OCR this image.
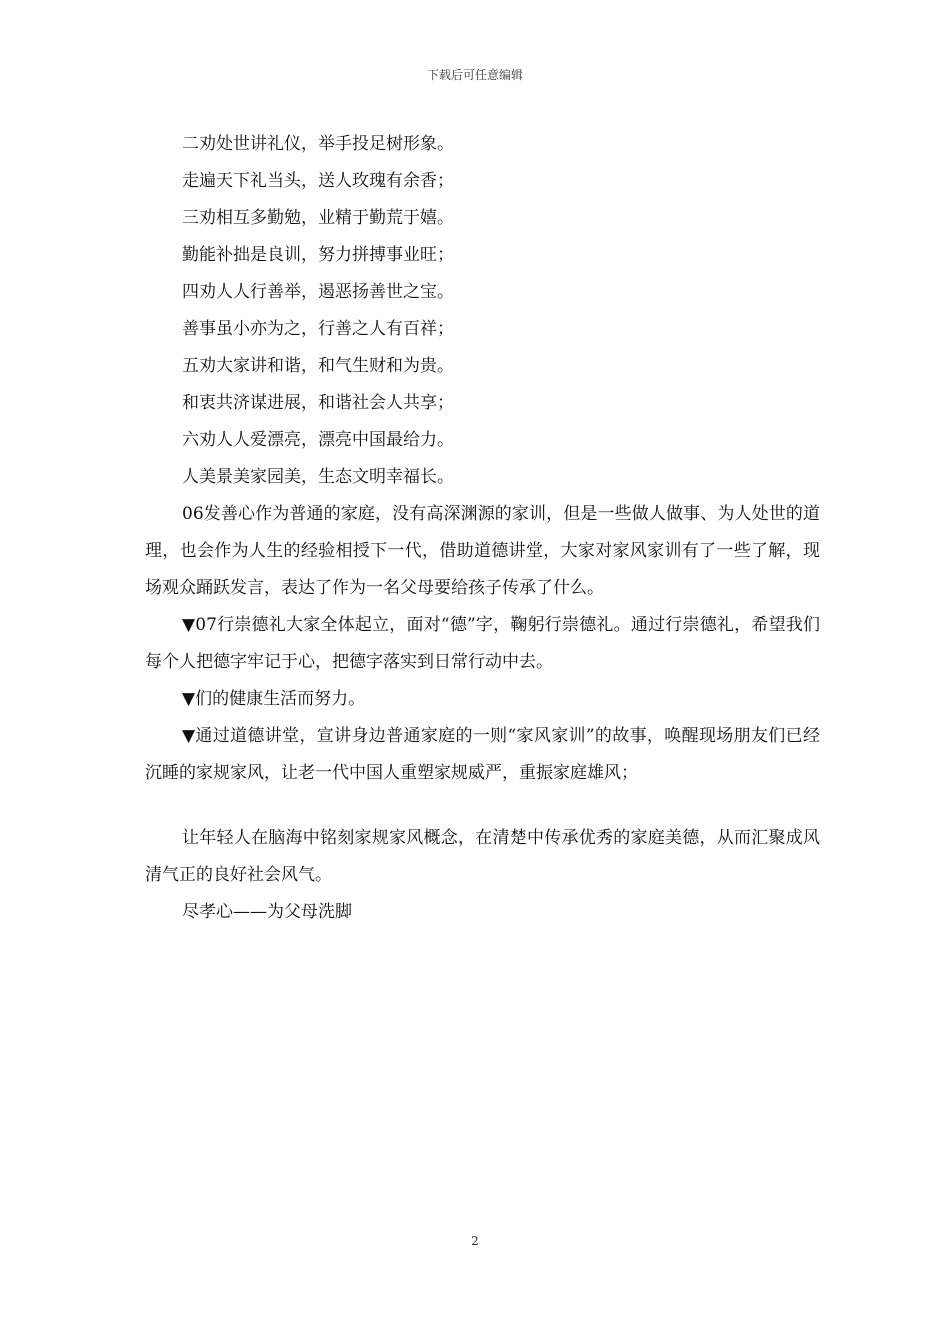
下载后可任意编辑
二劝处世讲礼仪，举手投足树形象。
走遍天下礼当头，送人玫瑰有余香；
三劝相互多勤勉，业精于勤荒于嬉。
勤能补拙是良训，努力拼搏事业旺；
四劝人人行善举，遏恶扬善世之宝。
善事虽小亦为之，行善之人有百祥；
五劝大家讲和谐，和气生财和为贵。
和衷共济谋进展，和谐社会人共享；
六劝人人爱漂亮，漂亮中国最给力。
人美景美家园美，生态文明幸福长。
06发善心作为普通的家庭，没有高深渊源的家训，但是一些做人做事、为人处世的道理，也会作为人生的经验相授下一代，借助道德讲堂，大家对家风家训有了一些了解，现场观众踊跃发言，表达了作为一名父母要给孩子传承了什么。
▼07行崇德礼大家全体起立，面对“德”字，鞠躬行崇德礼。通过行崇德礼，希望我们每个人把德字牢记于心，把德字落实到日常行动中去。
▼们的健康生活而努力。
▼通过道德讲堂，宣讲身边普通家庭的一则“家风家训”的故事，唤醒现场朋友们已经沉睡的家规家风，让老一代中国人重塑家规威严，重振家庭雄风；
让年轻人在脑海中铭刻家规家风概念，在清楚中传承优秀的家庭美德，从而汇聚成风清气正的良好社会风气。
尽孝心——为父母洗脚
2
